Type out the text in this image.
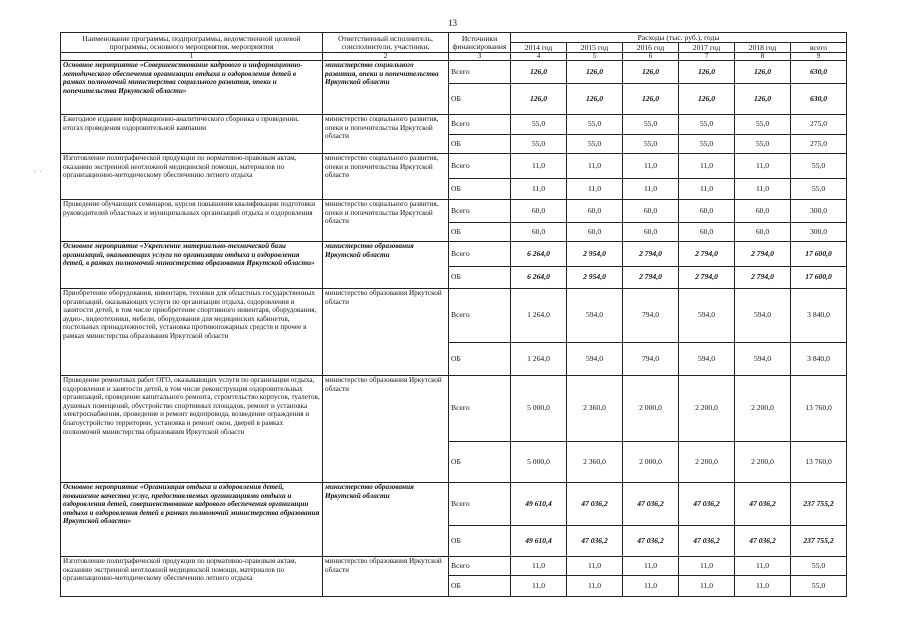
13
. .
Наименование программы, подпрограммы, ведомственной целевой программы, основного мероприятия, мероприятия	Ответственный исполнитель, соисполнители, участники,	Источники финансирования	Расходы (тыс. руб.), годы					
			2014 год	2015 год	2016 год	2017 год	2018 год	всего
1	2	3	4	5	6	7	8	9
Основное мероприятие «Совершенствование кадрового и информационно-методического обеспечения организации отдыха и оздоровления детей в рамках полномочий министерства социального развития, опеки и попечительства Иркутской области»	министерство социального развития, опеки и попечительства Иркутской области	Всего	126,0	126,0	126,0	126,0	126,0	630,0
		ОБ	126,0	126,0	126,0	126,0	126,0	630,0
Ежегодное издание информационно-аналитического сборника о проведении, итогах проведения оздоровительной кампании	министерство социального развития, опеки и попечительства Иркутской области	Всего	55,0	55,0	55,0	55,0	55,0	275,0
		ОБ	55,0	55,0	55,0	55,0	55,0	275,0
Изготовление полиграфической продукции по нормативно-правовым актам, оказанию экстренной неотложной медицинской помощи, материалов по организационно-методическому обеспечению летнего отдыха	министерство социального развития, опеки и попечительства Иркутской области	Всего	11,0	11,0	11,0	11,0	11,0	55,0
		ОБ	11,0	11,0	11,0	11,0	11,0	55,0
Проведение обучающих семинаров, курсов повышения квалификации подготовки руководителей областных и муниципальных организаций отдыха и оздоровления	министерство социального развития, опеки и попечительства Иркутской области	Всего	60,0	60,0	60,0	60,0	60,0	300,0
		ОБ	60,0	60,0	60,0	60,0	60,0	300,0
Основное мероприятие «Укрепление материально-технической базы организаций, оказывающих услуги по организации отдыха и оздоровления детей, в рамках полномочий министерства образования Иркутской области»	министерство образования Иркутской области	Всего	6 264,0	2 954,0	2 794,0	2 794,0	2 794,0	17 600,0
		ОБ	6 264,0	2 954,0	2 794,0	2 794,0	2 794,0	17 600,0
Приобретение оборудования, инвентаря, техники для областных государственных организаций, оказывающих услуги по организации отдыха, оздоровления и занятости детей, в том числе приобретение спортивного инвентаря, оборудования, аудио-, видеотехники, мебели, оборудования для медицинских кабинетов, постельных принадлежностей, установка противопожарных средств и прочее в рамках министерства образования Иркутской области	министерство образования Иркутской области	Всего	1 264,0	594,0	794,0	594,0	594,0	3 840,0
		ОБ	1 264,0	594,0	794,0	594,0	594,0	3 840,0
Проведение ремонтных работ ОГО, оказывающих услуги по организации отдыха, оздоровления и занятости детей, в том числе реконструкция оздоровительных организаций, проведение капитального ремонта, строительство корпусов, туалетов, душевых помещений, обустройство спортивных площадок, ремонт и установка электроснабжения, проведение и ремонт водопровода, возведение ограждения и благоустройство территории, установка и ремонт окон, дверей в рамках полномочий министерства образования Иркутской области	министерство образования Иркутской области	Всего	5 000,0	2 360,0	2 000,0	2 200,0	2 200,0	13 760,0
		ОБ	5 000,0	2 360,0	2 000,0	2 200,0	2 200,0	13 760,0
Основное мероприятие «Организация отдыха и оздоровления детей, повышение качества услуг, предоставляемых организациями отдыха и оздоровления детей, совершенствование кадрового обеспечения организации отдыха и оздоровления детей в рамках полномочий министерства образования Иркутской области»	министерство образования Иркутской области	Всего	49 610,4	47 036,2	47 036,2	47 036,2	47 036,2	237 755,2
		ОБ	49 610,4	47 036,2	47 036,2	47 036,2	47 036,2	237 755,2
Изготовление полиграфической продукции по нормативно-правовым актам, оказанию экстренной неотложной медицинской помощи, материалов по организационно-методическому обеспечению летнего отдыха	министерство образования Иркутской области	Всего	11,0	11,0	11,0	11,0	11,0	55,0
		ОБ	11,0	11,0	11,0	11,0	11,0	55,0
